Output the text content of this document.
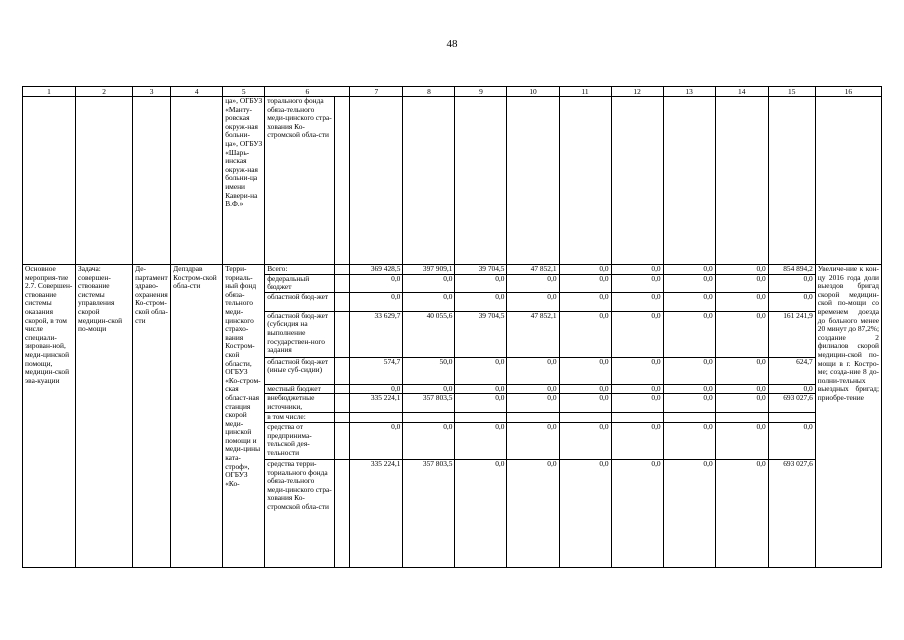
48
1	2	3	4	5	6		7	8	9	10	11	12	13	14	15	16
				ца», ОГБУЗ «Манту-ровская окруж-ная больни-ца», ОГБУЗ «Шарь-инская окруж-ная больни-ца имени Кавери-на В.Ф.»	торального фонда обяза-тельного меди-цинского стра-хования Ко-стромской обла-сти											
Основное мероприя-тие 2.7. Совершен-ствование системы оказания скорой, в том числе специали-зирован-ной, меди-цинской помощи, медицин-ской эва-куации	Задача: совершен-ствование системы управления скорой медицин-ской по-мощи	Де-партамент здраво-охранения Ко-стром-ской обла-сти	Депздрав Костром-ской обла-сти	Терри-ториаль-ный фонд обяза-тельного меди-цинского страхо-вания Костром-ской области, ОГБУЗ «Ко-стром-ская област-ная станция скорой меди-цинской помощи и меди-цины ката-строф», ОГБУЗ «Ко-	Всего:		369 428,5	397 909,1	39 704,5	47 852,1	0,0	0,0	0,0	0,0	854 894,2	Увеличе-ние к кон-цу 2016 года доли выездов бригад скорой медицин-ской по-мощи со временем доезда до больного менее 20 минут до 87,2%; создание 2 филиалов скорой медицин-ской по-мощи в г. Костро-ме; созда-ние 8 до-полни-тельных выездных бригад; приобре-тение
					федеральный бюджет		0,0	0,0	0,0	0,0	0,0	0,0	0,0	0,0	0,0	
					областной бюд-жет		0,0	0,0	0,0	0,0	0,0	0,0	0,0	0,0	0,0	
					областной бюд-жет (субсидия на выполнение государствен-ного задания		33 629,7	40 055,6	39 704,5	47 852,1	0,0	0,0	0,0	0,0	161 241,9	
					областной бюд-жет (иные суб-сидии)		574,7	50,0	0,0	0,0	0,0	0,0	0,0	0,0	624,7	
					местный бюджет		0,0	0,0	0,0	0,0	0,0	0,0	0,0	0,0	0,0	
					внебюджетные источники,		335 224,1	357 803,5	0,0	0,0	0,0	0,0	0,0	0,0	693 027,6	
					в том числе:											
					средства от предпринима-тельской дея-тельности		0,0	0,0	0,0	0,0	0,0	0,0	0,0	0,0	0,0	
					средства терри-ториального фонда обяза-тельного меди-цинского стра-хования Ко-стромской обла-сти		335 224,1	357 803,5	0,0	0,0	0,0	0,0	0,0	0,0	693 027,6	
